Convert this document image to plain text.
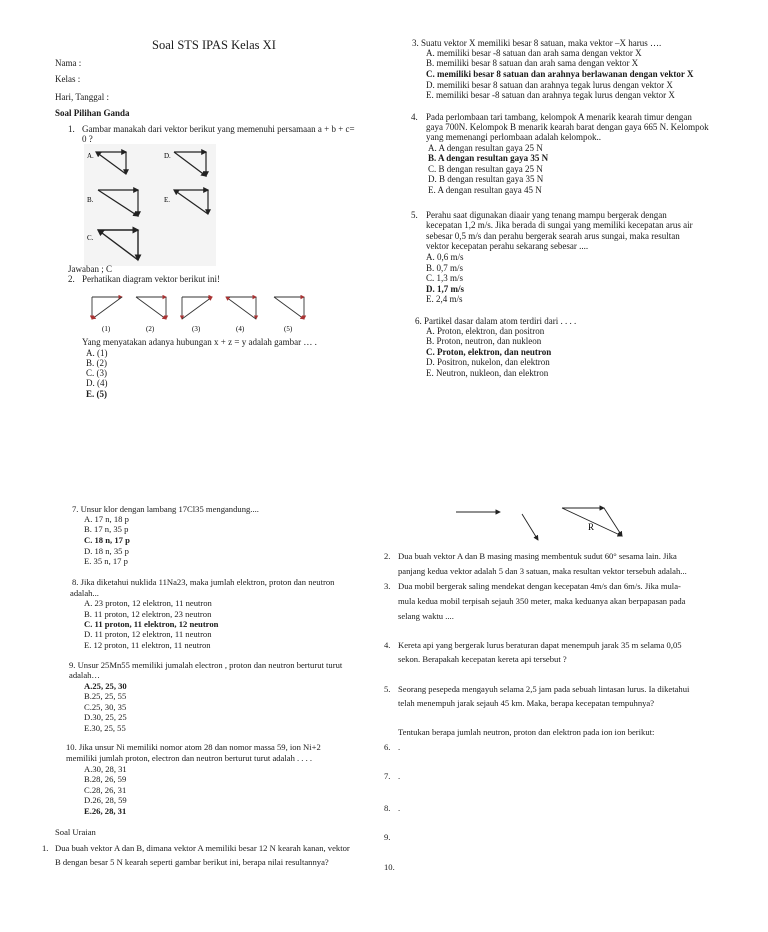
Soal STS IPAS Kelas XI
Nama :
Kelas :
Hari, Tanggal :
Soal Pilihan Ganda
1. Gambar manakah dari vektor berikut yang memenuhi persamaan a + b + c=
0 ?
A.	D.
B.	E.
C.
Jawaban ; C
2. Perhatikan diagram vektor berikut ini!
(1)	(2)	(3)	(4)	(5)
Yang menyatakan adanya hubungan x + z = y adalah gambar … .
A. (1)
B. (2)
C. (3)
D. (4)
E. (5)
7. Unsur klor dengan lambang 17Cl35 mengandung....
A. 17 n, 18 p
B. 17 n, 35 p
C. 18 n, 17 p
D. 18 n, 35 p
E. 35 n, 17 p
8. Jika diketahui nuklida 11Na23, maka jumlah elektron, proton dan neutron
adalah...
A. 23 proton, 12 elektron, 11 neutron
B. 11 proton, 12 elektron, 23 neutron
C. 11 proton, 11 elektron, 12 neutron
D. 11 proton, 12 elektron, 11 neutron
E. 12 proton, 11 elektron, 11 neutron
9. Unsur 25Mn55 memiliki jumalah electron , proton dan neutron berturut turut
adalah…
A.25, 25, 30
B.25, 25, 55
C.25, 30, 35
D.30, 25, 25
E.30, 25, 55
10. Jika unsur Ni memiliki nomor atom 28 dan nomor massa 59, ion Ni+2
memiliki jumlah proton, electron dan neutron berturut turut adalah . . . .
A.30, 28, 31
B.28, 26, 59
C.28, 26, 31
D.26, 28, 59
E.26, 28, 31
Soal Uraian
1. Dua buah vektor A dan B, dimana vektor A memiliki besar 12 N kearah kanan, vektor
B dengan besar 5 N kearah seperti gambar berikut ini, berapa nilai resultannya?
3. Suatu vektor X memiliki besar 8 satuan, maka vektor –X harus ….
A. memiliki besar -8 satuan dan arah sama dengan vektor X
B. memiliki besar 8 satuan dan arah sama dengan vektor X
C. memiliki besar 8 satuan dan arahnya berlawanan dengan vektor X
D. memiliki besar 8 satuan dan arahnya tegak lurus dengan vektor X
E. memiliki besar -8 satuan dan arahnya tegak lurus dengan vektor X
4. Pada perlombaan tari tambang, kelompok A menarik kearah timur dengan
gaya 700N. Kelompok B menarik kearah barat dengan gaya 665 N. Kelompok
yang memenangi perlombaan adalah kelompok..
A. A dengan resultan gaya 25 N
B. A dengan resultan gaya 35 N
C. B dengan resultan gaya 25 N
D. B dengan resultan gaya 35 N
E. A dengan resultan gaya 45 N
5. Perahu saat digunakan diaair yang tenang mampu bergerak dengan
kecepatan 1,2 m/s. Jika berada di sungai yang memiliki kecepatan arus air
sebesar 0,5 m/s dan perahu bergerak searah arus sungai, maka resultan
vektor kecepatan perahu sekarang sebesar ....
A. 0,6 m/s
B. 0,7 m/s
C. 1,3 m/s
D. 1,7 m/s
E. 2,4 m/s
6. Partikel dasar dalam atom terdiri dari . . . .
A. Proton, elektron, dan positron
B. Proton, neutron, dan nukleon
C. Proton, elektron, dan neutron
D. Positron, nukelon, dan elektron
E. Neutron, nukleon, dan elektron
R
2. Dua buah vektor A dan B masing masing membentuk sudut 60° sesama lain. Jika
panjang kedua vektor adalah 5 dan 3 satuan, maka resultan vektor tersebuh adalah...
3. Dua mobil bergerak saling mendekat dengan kecepatan 4m/s dan 6m/s. Jika mula-
mula kedua mobil terpisah sejauh 350 meter, maka keduanya akan berpapasan pada
selang waktu ....
4. Kereta api yang bergerak lurus beraturan dapat menempuh jarak 35 m selama 0,05
sekon. Berapakah kecepatan kereta api tersebut ?
5. Seorang pesepeda mengayuh selama 2,5 jam pada sebuah lintasan lurus. Ia diketahui
telah menempuh jarak sejauh 45 km. Maka, berapa kecepatan tempuhnya?
Tentukan berapa jumlah neutron, proton dan elektron pada ion ion berikut:
6. .
7. .
8. .
9.
10.
